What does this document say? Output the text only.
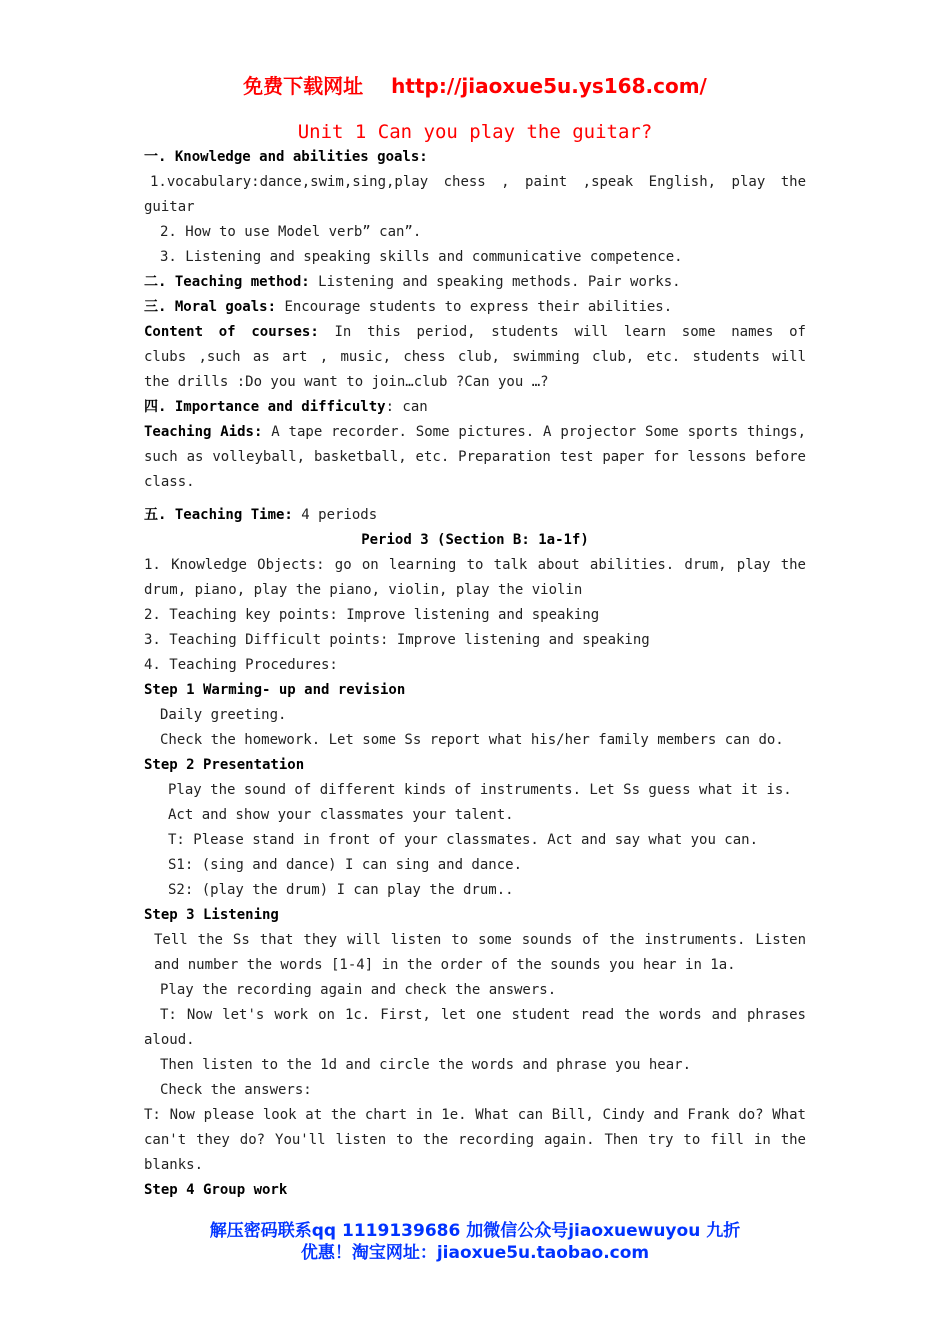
免费下载网址 http://jiaoxue5u.ys168.com/
Unit 1 Can you play the guitar?
一. Knowledge and abilities goals:
1.vocabulary:dance,swim,sing,play chess , paint ,speak English, play the
guitar
2. How to use Model verb” can”.
3. Listening and speaking skills and communicative competence.
二. Teaching method: Listening and speaking methods. Pair works.
三. Moral goals: Encourage students to express their abilities.
Content of courses: In this period, students will learn some names of
clubs ,such as art , music, chess club, swimming club, etc. students will
the drills :Do you want to join…club ?Can you …?
四. Importance and difficulty: can
Teaching Aids: A tape recorder. Some pictures. A projector Some sports things,
such as volleyball, basketball, etc. Preparation test paper for lessons before
class.
五. Teaching Time: 4 periods
Period 3 (Section B: 1a-1f)
1. Knowledge Objects: go on learning to talk about abilities. drum, play the
drum, piano, play the piano, violin, play the violin
2. Teaching key points: Improve listening and speaking
3. Teaching Difficult points: Improve listening and speaking
4. Teaching Procedures:
Step 1 Warming- up and revision
Daily greeting.
Check the homework. Let some Ss report what his/her family members can do.
Step 2 Presentation
Play the sound of different kinds of instruments. Let Ss guess what it is.
Act and show your classmates your talent.
T: Please stand in front of your classmates. Act and say what you can.
S1: (sing and dance) I can sing and dance.
S2: (play the drum) I can play the drum..
Step 3 Listening
Tell the Ss that they will listen to some sounds of the instruments. Listen
and number the words [1-4] in the order of the sounds you hear in 1a.
Play the recording again and check the answers.
T: Now let's work on 1c. First, let one student read the words and phrases
aloud.
Then listen to the 1d and circle the words and phrase you hear.
Check the answers:
T: Now please look at the chart in 1e. What can Bill, Cindy and Frank do? What
can't they do? You'll listen to the recording again. Then try to fill in the
blanks.
Step 4 Group work
解压密码联系qq 1119139686 加微信公众号jiaoxuewuyou 九折
优惠！淘宝网址：jiaoxue5u.taobao.com
